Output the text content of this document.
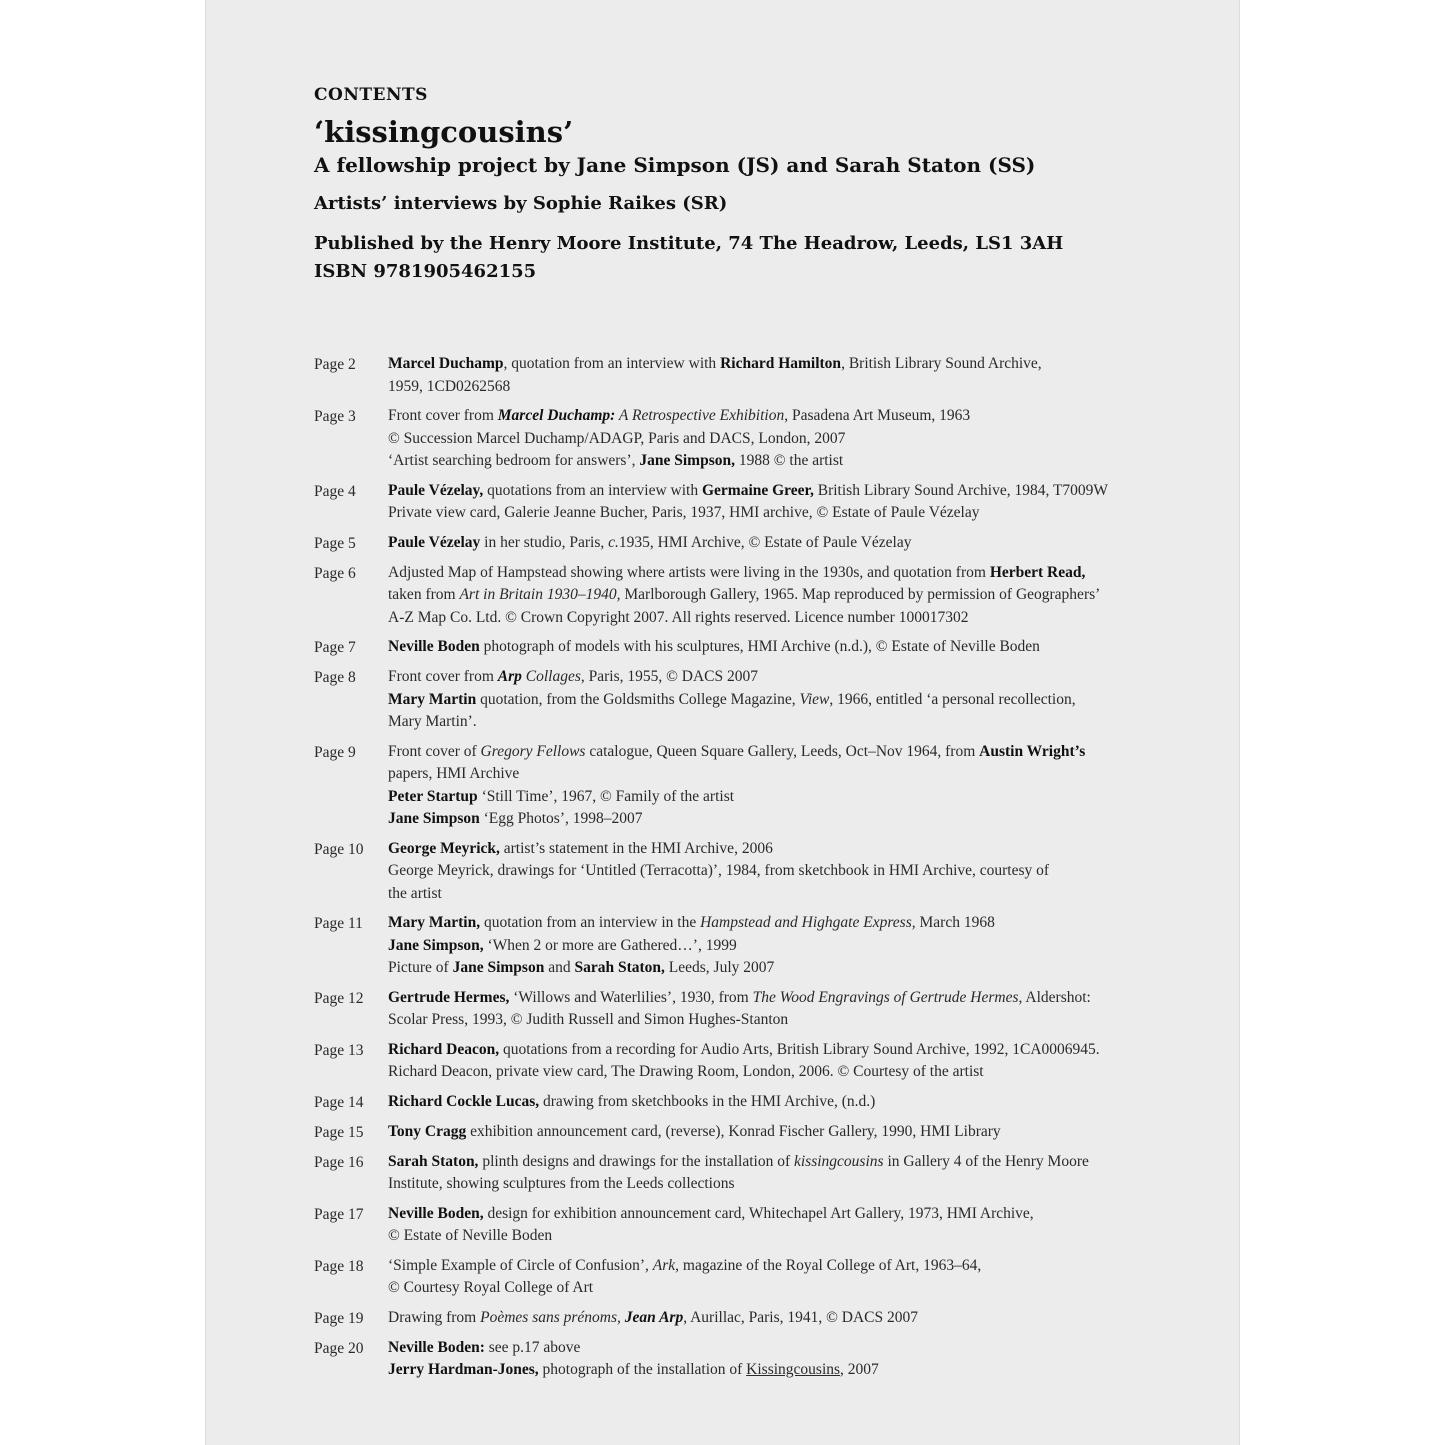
CONTENTS
‘kissingcousins’
A fellowship project by Jane Simpson (JS) and Sarah Staton (SS)
Artists’ interviews by Sophie Raikes (SR)
Published by the Henry Moore Institute, 74 The Headrow, Leeds, LS1 3AH
ISBN 9781905462155
Page 2	Marcel Duchamp, quotation from an interview with Richard Hamilton, British Library Sound Archive,
1959, 1CD0262568
Page 3	Front cover from Marcel Duchamp: A Retrospective Exhibition, Pasadena Art Museum, 1963
© Succession Marcel Duchamp/ADAGP, Paris and DACS, London, 2007
‘Artist searching bedroom for answers’, Jane Simpson, 1988 © the artist
Page 4	Paule Vézelay, quotations from an interview with Germaine Greer, British Library Sound Archive, 1984, T7009W
Private view card, Galerie Jeanne Bucher, Paris, 1937, HMI archive, © Estate of Paule Vézelay
Page 5	Paule Vézelay in her studio, Paris, c.1935, HMI Archive, © Estate of Paule Vézelay
Page 6	Adjusted Map of Hampstead showing where artists were living in the 1930s, and quotation from Herbert Read,
taken from Art in Britain 1930–1940, Marlborough Gallery, 1965. Map reproduced by permission of Geographers’
A-Z Map Co. Ltd. © Crown Copyright 2007. All rights reserved. Licence number 100017302
Page 7	Neville Boden photograph of models with his sculptures, HMI Archive (n.d.), © Estate of Neville Boden
Page 8	Front cover from Arp Collages, Paris, 1955, © DACS 2007
Mary Martin quotation, from the Goldsmiths College Magazine, View, 1966, entitled ‘a personal recollection,
Mary Martin’.
Page 9	Front cover of Gregory Fellows catalogue, Queen Square Gallery, Leeds, Oct–Nov 1964, from Austin Wright’s
papers, HMI Archive
Peter Startup ‘Still Time’, 1967, © Family of the artist
Jane Simpson ‘Egg Photos’, 1998–2007
Page 10	George Meyrick, artist’s statement in the HMI Archive, 2006
George Meyrick, drawings for ‘Untitled (Terracotta)’, 1984, from sketchbook in HMI Archive, courtesy of
the artist
Page 11	Mary Martin, quotation from an interview in the Hampstead and Highgate Express, March 1968
Jane Simpson, ‘When 2 or more are Gathered…’, 1999
Picture of Jane Simpson and Sarah Staton, Leeds, July 2007
Page 12	Gertrude Hermes, ‘Willows and Waterlilies’, 1930, from The Wood Engravings of Gertrude Hermes, Aldershot:
Scolar Press, 1993, © Judith Russell and Simon Hughes-Stanton
Page 13	Richard Deacon, quotations from a recording for Audio Arts, British Library Sound Archive, 1992, 1CA0006945.
Richard Deacon, private view card, The Drawing Room, London, 2006. © Courtesy of the artist
Page 14	Richard Cockle Lucas, drawing from sketchbooks in the HMI Archive, (n.d.)
Page 15	Tony Cragg exhibition announcement card, (reverse), Konrad Fischer Gallery, 1990, HMI Library
Page 16	Sarah Staton, plinth designs and drawings for the installation of kissingcousins in Gallery 4 of the Henry Moore
Institute, showing sculptures from the Leeds collections
Page 17	Neville Boden, design for exhibition announcement card, Whitechapel Art Gallery, 1973, HMI Archive,
© Estate of Neville Boden
Page 18	‘Simple Example of Circle of Confusion’, Ark, magazine of the Royal College of Art, 1963–64,
© Courtesy Royal College of Art
Page 19	Drawing from Poèmes sans prénoms, Jean Arp, Aurillac, Paris, 1941, © DACS 2007
Page 20	Neville Boden: see p.17 above
Jerry Hardman-Jones, photograph of the installation of Kissingcousins, 2007
